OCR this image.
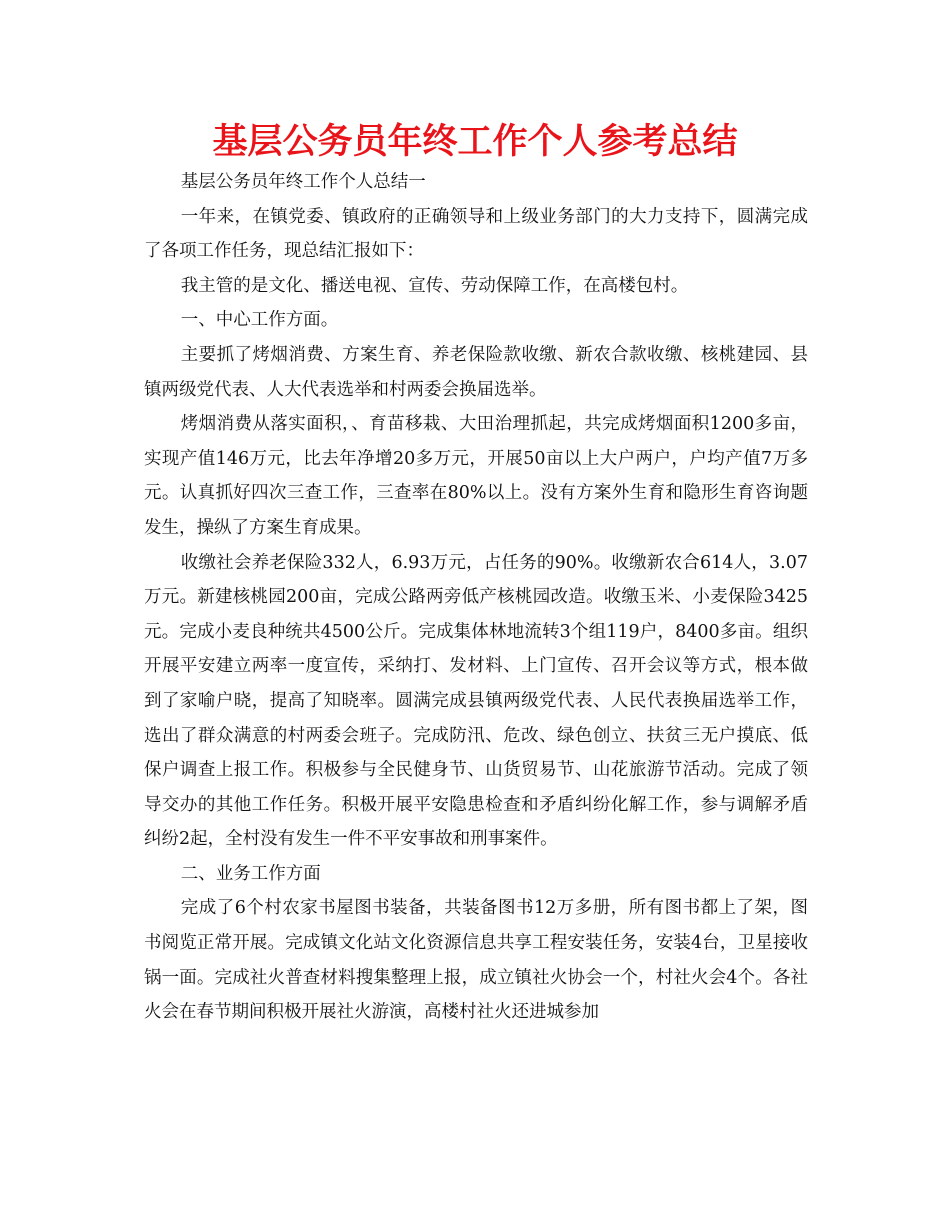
基层公务员年终工作个人参考总结

基层公务员年终工作个人总结一

一年来，在镇党委、镇政府的正确领导和上级业务部门的大力支持下，圆满完成了各项工作任务，现总结汇报如下：

我主管的是文化、播送电视、宣传、劳动保障工作，在高楼包村。

一、中心工作方面。

主要抓了烤烟消费、方案生育、养老保险款收缴、新农合款收缴、核桃建园、县镇两级党代表、人大代表选举和村两委会换届选举。

烤烟消费从落实面积，、育苗移栽、大田治理抓起，共完成烤烟面积1200多亩，实现产值146万元，比去年净增20多万元，开展50亩以上大户两户，户均产值7万多元。认真抓好四次三查工作，三查率在80%以上。没有方案外生育和隐形生育咨询题发生，操纵了方案生育成果。

收缴社会养老保险332人，6.93万元，占任务的90%。收缴新农合614人，3.07万元。新建核桃园200亩，完成公路两旁低产核桃园改造。收缴玉米、小麦保险3425元。完成小麦良种统共4500公斤。完成集体林地流转3个组119户，8400多亩。组织开展平安建立两率一度宣传，采纳打、发材料、上门宣传、召开会议等方式，根本做到了家喻户晓，提高了知晓率。圆满完成县镇两级党代表、人民代表换届选举工作，选出了群众满意的村两委会班子。完成防汛、危改、绿色创立、扶贫三无户摸底、低保户调查上报工作。积极参与全民健身节、山货贸易节、山花旅游节活动。完成了领导交办的其他工作任务。积极开展平安隐患检查和矛盾纠纷化解工作，参与调解矛盾纠纷2起，全村没有发生一件不平安事故和刑事案件。

二、业务工作方面

完成了6个村农家书屋图书装备，共装备图书12万多册，所有图书都上了架，图书阅览正常开展。完成镇文化站文化资源信息共享工程安装任务，安装4台，卫星接收锅一面。完成社火普查材料搜集整理上报，成立镇社火协会一个，村社火会4个。各社火会在春节期间积极开展社火游演，高楼村社火还进城参加
